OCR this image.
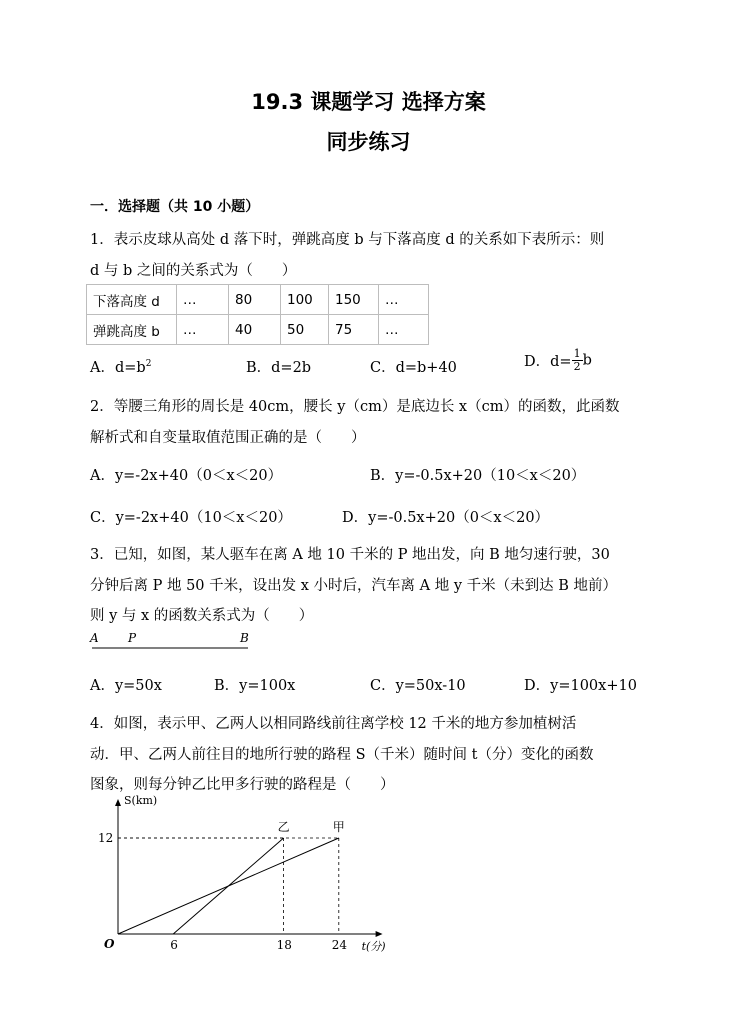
19.3 课题学习 选择方案
同步练习
一．选择题（共 10 小题）
1．表示皮球从高处 d 落下时，弹跳高度 b 与下落高度 d 的关系如下表所示：则
d 与 b 之间的关系式为（　　）
下落高度 d	…	80	100	150	…
弹跳高度 b	…	40	50	75	…
A．$d=b^2$	B．d=2b	C．d=b+40	D．$d= \frac{1}{2}$ b
2．等腰三角形的周长是 40cm，腰长 y（cm）是底边长 x（cm）的函数，此函数
解析式和自变量取值范围正确的是（　　）
A．y=-2x+40（0＜x＜20）	B．y=-0.5x+20（10＜x＜20）
C．y=-2x+40（10＜x＜20）	D．y=-0.5x+20（0＜x＜20）
3．已知，如图，某人驱车在离 A 地 10 千米的 P 地出发，向 B 地匀速行驶，30
分钟后离 P 地 50 千米，设出发 x 小时后，汽车离 A 地 y 千米（未到达 B 地前）
则 y 与 x 的函数关系式为（　　）
A P	B
A．y=50x	B．y=100x	C．y=50x-10	D．y=100x+10
4．如图，表示甲、乙两人以相同路线前往离学校 12 千米的地方参加植树活
动．甲、乙两人前往目的地所行驶的路程 S（千米）随时间 t（分）变化的函数
图象，则每分钟乙比甲多行驶的路程是（　　）
S(km)
t(分)
O
12
6	18	24
甲
乙
